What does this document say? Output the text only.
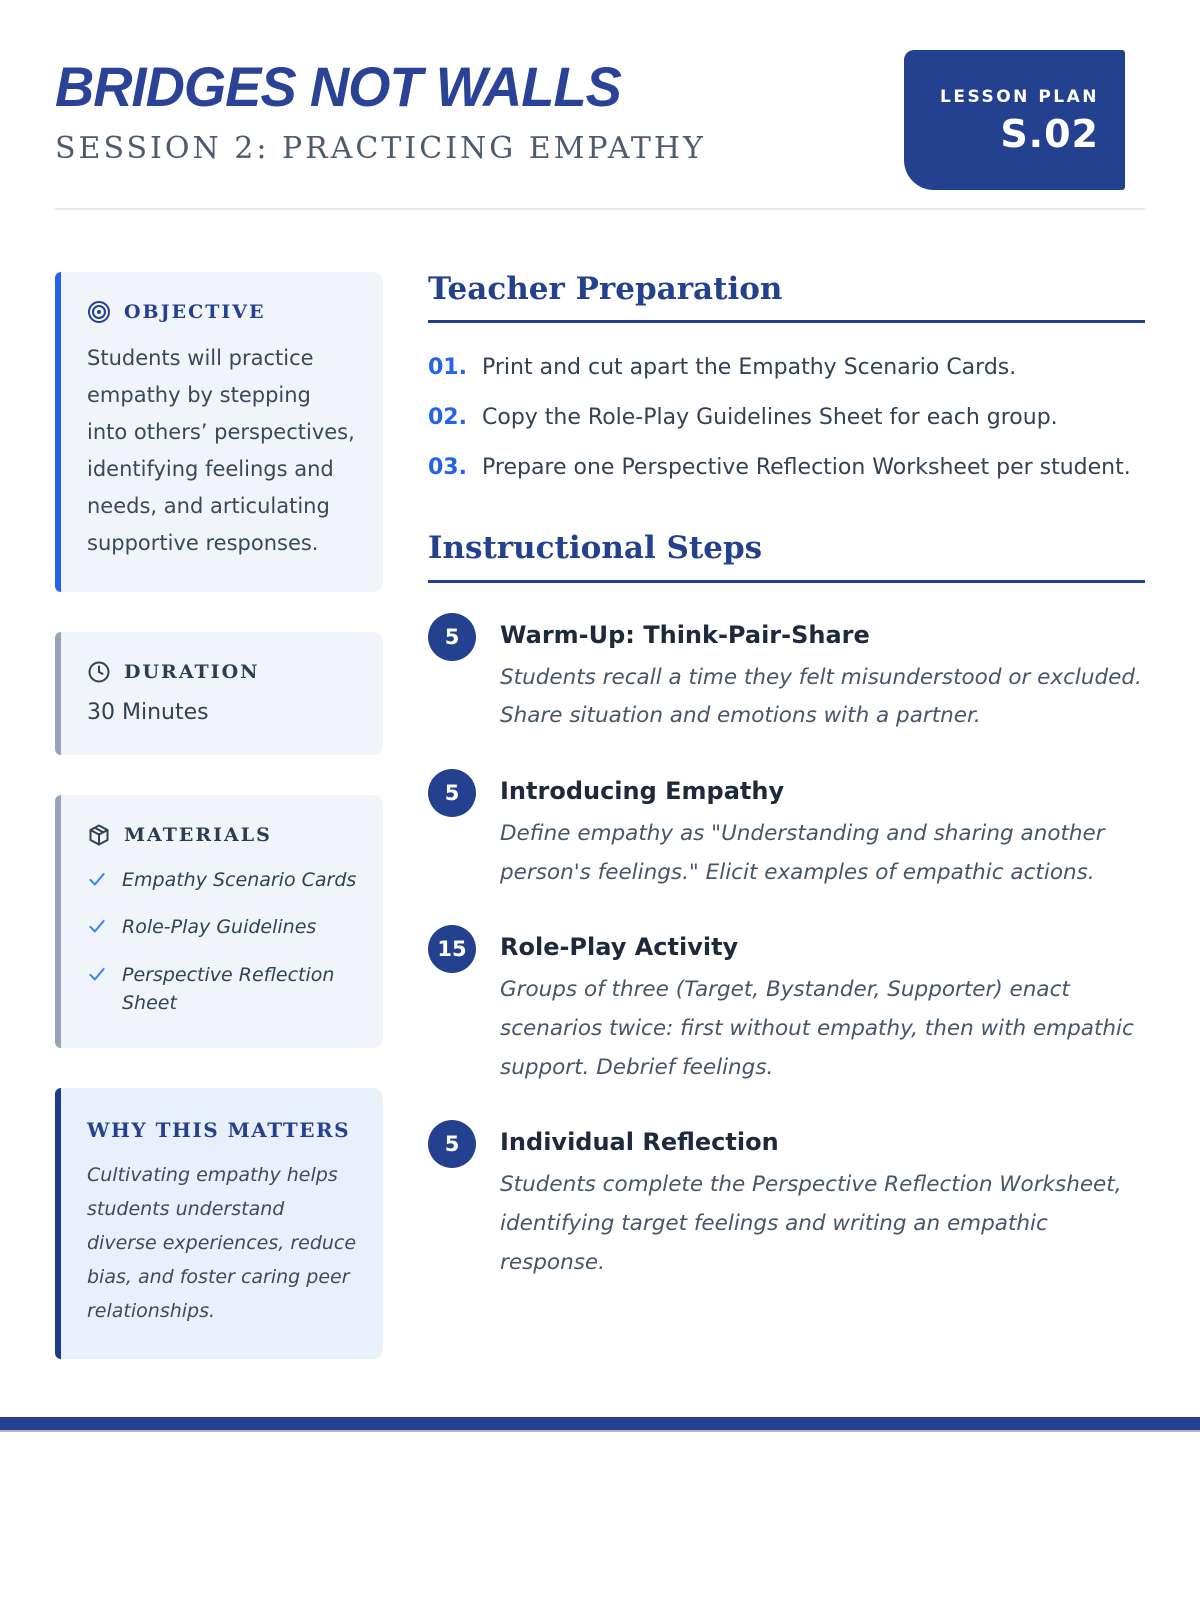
BRIDGES NOT WALLS
SESSION 2: PRACTICING EMPATHY
LESSON PLAN
S.02
OBJECTIVE
Students will practice empathy by stepping into others’ perspectives, identifying feelings and needs, and articulating supportive responses.
DURATION
30 Minutes
MATERIALS
Empathy Scenario Cards
Role-Play Guidelines
Perspective Reflection Sheet
WHY THIS MATTERS
Cultivating empathy helps students understand diverse experiences, reduce bias, and foster caring peer relationships.
Teacher Preparation
01. Print and cut apart the Empathy Scenario Cards.
02. Copy the Role-Play Guidelines Sheet for each group.
03. Prepare one Perspective Reflection Worksheet per student.
Instructional Steps
5	Warm-Up: Think-Pair-Share
Students recall a time they felt misunderstood or excluded. Share situation and emotions with a partner.
5	Introducing Empathy
Define empathy as "Understanding and sharing another person's feelings." Elicit examples of empathic actions.
15	Role-Play Activity
Groups of three (Target, Bystander, Supporter) enact scenarios twice: first without empathy, then with empathic support. Debrief feelings.
5	Individual Reflection
Students complete the Perspective Reflection Worksheet, identifying target feelings and writing an empathic response.
